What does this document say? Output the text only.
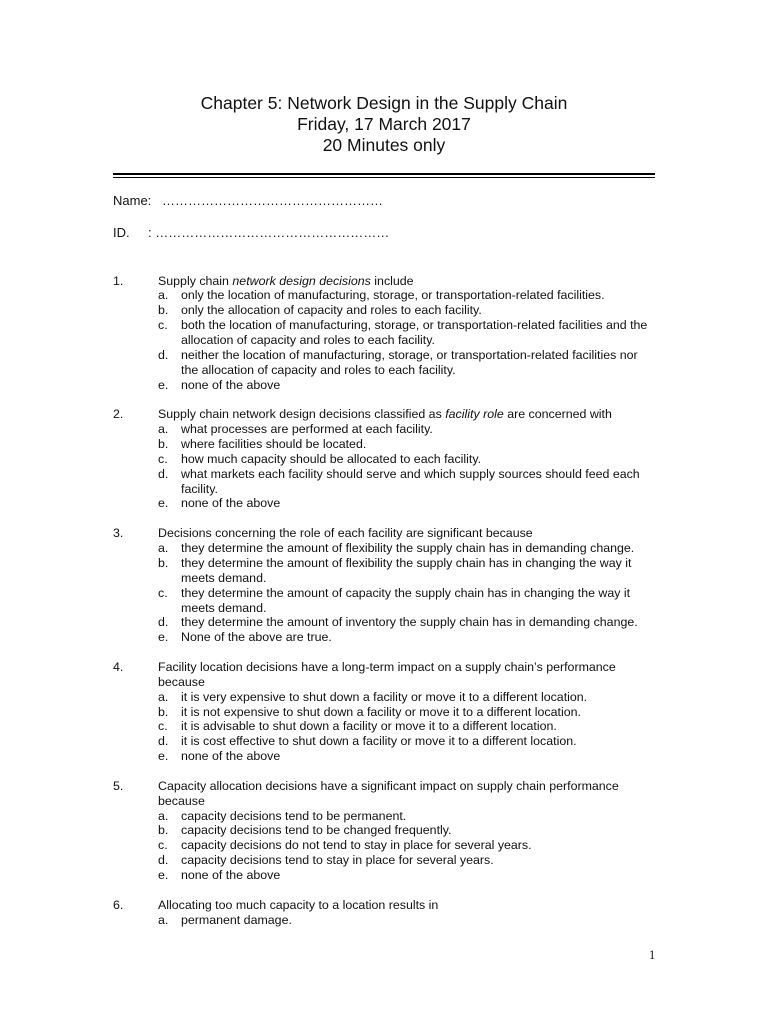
Chapter 5: Network Design in the Supply Chain
Friday, 17 March 2017
20 Minutes only
Name: ……………………………………………
ID. : ………………………………………………
1.	Supply chain network design decisions include
a. only the location of manufacturing, storage, or transportation-related facilities.
b. only the allocation of capacity and roles to each facility.
c. both the location of manufacturing, storage, or transportation-related facilities and the allocation of capacity and roles to each facility.
d. neither the location of manufacturing, storage, or transportation-related facilities nor the allocation of capacity and roles to each facility.
e. none of the above
2.	Supply chain network design decisions classified as facility role are concerned with
a. what processes are performed at each facility.
b. where facilities should be located.
c. how much capacity should be allocated to each facility.
d. what markets each facility should serve and which supply sources should feed each facility.
e. none of the above
3.	Decisions concerning the role of each facility are significant because
a. they determine the amount of flexibility the supply chain has in demanding change.
b. they determine the amount of flexibility the supply chain has in changing the way it meets demand.
c. they determine the amount of capacity the supply chain has in changing the way it meets demand.
d. they determine the amount of inventory the supply chain has in demanding change.
e. None of the above are true.
4.	Facility location decisions have a long-term impact on a supply chain’s performance because
a. it is very expensive to shut down a facility or move it to a different location.
b. it is not expensive to shut down a facility or move it to a different location.
c. it is advisable to shut down a facility or move it to a different location.
d. it is cost effective to shut down a facility or move it to a different location.
e. none of the above
5.	Capacity allocation decisions have a significant impact on supply chain performance because
a. capacity decisions tend to be permanent.
b. capacity decisions tend to be changed frequently.
c. capacity decisions do not tend to stay in place for several years.
d. capacity decisions tend to stay in place for several years.
e. none of the above
6.	Allocating too much capacity to a location results in
a. permanent damage.
1
